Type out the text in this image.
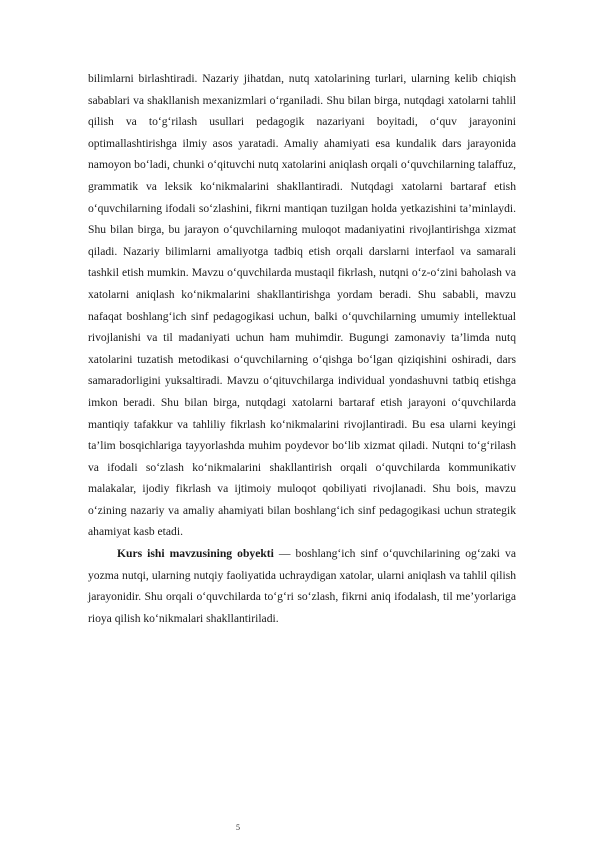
bilimlarni birlashtiradi. Nazariy jihatdan, nutq xatolarining turlari, ularning kelib chiqish sabablari va shakllanish mexanizmlari o‘rganiladi. Shu bilan birga, nutqdagi xatolarni tahlil qilish va to‘g‘rilash usullari pedagogik nazariyani boyitadi, o‘quv jarayonini optimallashtirishga ilmiy asos yaratadi. Amaliy ahamiyati esa kundalik dars jarayonida namoyon bo‘ladi, chunki o‘qituvchi nutq xatolarini aniqlash orqali o‘quvchilarning talaffuz, grammatik va leksik ko‘nikmalarini shakllantiradi. Nutqdagi xatolarni bartaraf etish o‘quvchilarning ifodali so‘zlashini, fikrni mantiqan tuzilgan holda yetkazishini ta’minlaydi. Shu bilan birga, bu jarayon o‘quvchilarning muloqot madaniyatini rivojlantirishga xizmat qiladi. Nazariy bilimlarni amaliyotga tadbiq etish orqali darslarni interfaol va samarali tashkil etish mumkin. Mavzu o‘quvchilarda mustaqil fikrlash, nutqni o‘z-o‘zini baholash va xatolarni aniqlash ko‘nikmalarini shakllantirishga yordam beradi. Shu sababli, mavzu nafaqat boshlang‘ich sinf pedagogikasi uchun, balki o‘quvchilarning umumiy intellektual rivojlanishi va til madaniyati uchun ham muhimdir. Bugungi zamonaviy ta’limda nutq xatolarini tuzatish metodikasi o‘quvchilarning o‘qishga bo‘lgan qiziqishini oshiradi, dars samaradorligini yuksaltiradi. Mavzu o‘qituvchilarga individual yondashuvni tatbiq etishga imkon beradi. Shu bilan birga, nutqdagi xatolarni bartaraf etish jarayoni o‘quvchilarda mantiqiy tafakkur va tahliliy fikrlash ko‘nikmalarini rivojlantiradi. Bu esa ularni keyingi ta’lim bosqichlariga tayyorlashda muhim poydevor bo‘lib xizmat qiladi. Nutqni to‘g‘rilash va ifodali so‘zlash ko‘nikmalarini shakllantirish orqali o‘quvchilarda kommunikativ malakalar, ijodiy fikrlash va ijtimoiy muloqot qobiliyati rivojlanadi. Shu bois, mavzu o‘zining nazariy va amaliy ahamiyati bilan boshlang‘ich sinf pedagogikasi uchun strategik ahamiyat kasb etadi.

Kurs ishi mavzusining obyekti — boshlang‘ich sinf o‘quvchilarining og‘zaki va yozma nutqi, ularning nutqiy faoliyatida uchraydigan xatolar, ularni aniqlash va tahlil qilish jarayonidir. Shu orqali o‘quvchilarda to‘g‘ri so‘zlash, fikrni aniq ifodalash, til me’yorlariga rioya qilish ko‘nikmalari shakllantiriladi.

5
